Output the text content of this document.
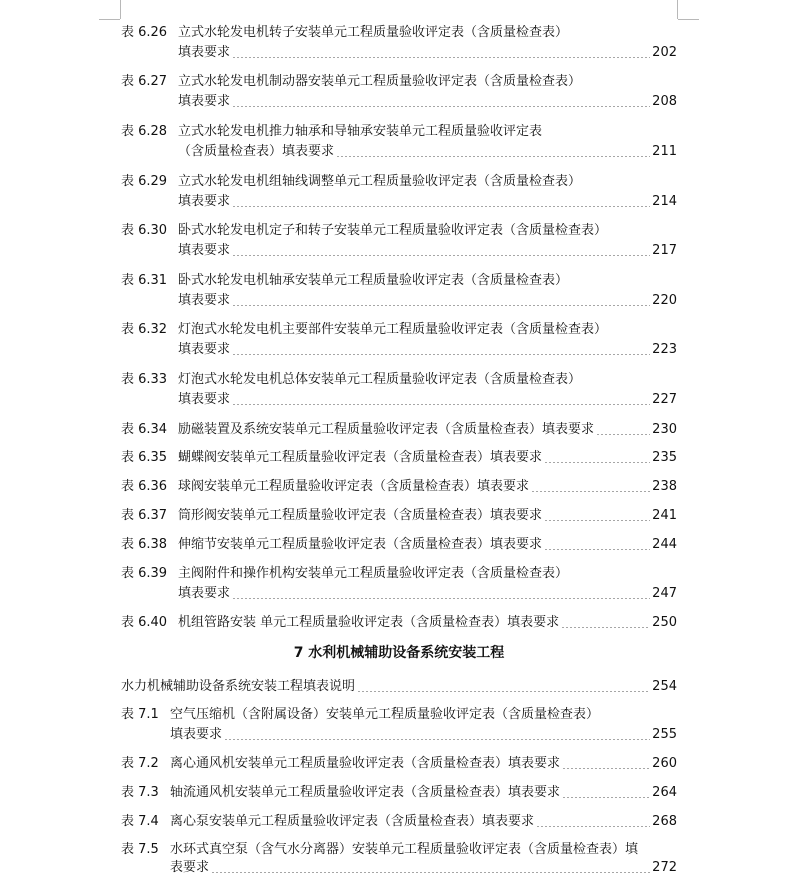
表 6.26 立式水轮发电机转子安装单元工程质量验收评定表（含质量检查表）
填表要求	202
表 6.27 立式水轮发电机制动器安装单元工程质量验收评定表（含质量检查表）
填表要求	208
表 6.28 立式水轮发电机推力轴承和导轴承安装单元工程质量验收评定表
（含质量检查表）填表要求	211
表 6.29 立式水轮发电机组轴线调整单元工程质量验收评定表（含质量检查表）
填表要求	214
表 6.30 卧式水轮发电机定子和转子安装单元工程质量验收评定表（含质量检查表）
填表要求	217
表 6.31 卧式水轮发电机轴承安装单元工程质量验收评定表（含质量检查表）
填表要求	220
表 6.32 灯泡式水轮发电机主要部件安装单元工程质量验收评定表（含质量检查表）
填表要求	223
表 6.33 灯泡式水轮发电机总体安装单元工程质量验收评定表（含质量检查表）
填表要求	227
表 6.34 励磁装置及系统安装单元工程质量验收评定表（含质量检查表）填表要求	230
表 6.35 蝴蝶阀安装单元工程质量验收评定表（含质量检查表）填表要求	235
表 6.36 球阀安装单元工程质量验收评定表（含质量检查表）填表要求	238
表 6.37 筒形阀安装单元工程质量验收评定表（含质量检查表）填表要求	241
表 6.38 伸缩节安装单元工程质量验收评定表（含质量检查表）填表要求	244
表 6.39 主阀附件和操作机构安装单元工程质量验收评定表（含质量检查表）
填表要求	247
表 6.40 机组管路安装 单元工程质量验收评定表（含质量检查表）填表要求	250
7 水利机械辅助设备系统安装工程
水力机械辅助设备系统安装工程填表说明	254
表 7.1 空气压缩机（含附属设备）安装单元工程质量验收评定表（含质量检查表）
填表要求	255
表 7.2 离心通风机安装单元工程质量验收评定表（含质量检查表）填表要求	260
表 7.3 轴流通风机安装单元工程质量验收评定表（含质量检查表）填表要求	264
表 7.4 离心泵安装单元工程质量验收评定表（含质量检查表）填表要求	268
表 7.5 水环式真空泵（含气水分离器）安装单元工程质量验收评定表（含质量检查表）填
表要求	272
